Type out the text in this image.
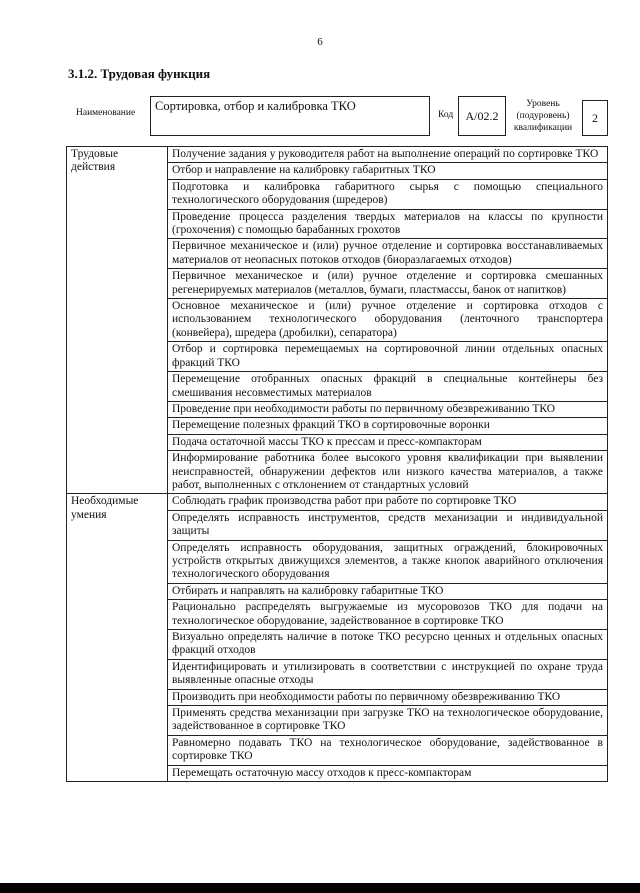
6
3.1.2. Трудовая функция
Наименование	Сортировка, отбор и калибровка ТКО
Код	А/02.2
Уровень (подуровень) квалификации
2
Трудовые действия	Получение задания у руководителя работ на выполнение операций по сортировке ТКО
	Отбор и направление на калибровку габаритных ТКО
	Подготовка и калибровка габаритного сырья с помощью специального технологического оборудования (шредеров)
	Проведение процесса разделения твердых материалов на классы по крупности (грохочения) с помощью барабанных грохотов
	Первичное механическое и (или) ручное отделение и сортировка восстанавливаемых материалов от неопасных потоков отходов (биоразлагаемых отходов)
	Первичное механическое и (или) ручное отделение и сортировка смешанных регенерируемых материалов (металлов, бумаги, пластмассы, банок от напитков)
	Основное механическое и (или) ручное отделение и сортировка отходов с использованием технологического оборудования (ленточного транспортера (конвейера), шредера (дробилки), сепаратора)
	Отбор и сортировка перемещаемых на сортировочной линии отдельных опасных фракций ТКО
	Перемещение отобранных опасных фракций в специальные контейнеры без смешивания несовместимых материалов
	Проведение при необходимости работы по первичному обезвреживанию ТКО
	Перемещение полезных фракций ТКО в сортировочные воронки
	Подача остаточной массы ТКО к прессам и пресс-компакторам
	Информирование работника более высокого уровня квалификации при выявлении неисправностей, обнаружении дефектов или низкого качества материалов, а также работ, выполненных с отклонением от стандартных условий
Необходимые умения	Соблюдать график производства работ при работе по сортировке ТКО
	Определять исправность инструментов, средств механизации и индивидуальной защиты
	Определять исправность оборудования, защитных ограждений, блокировочных устройств открытых движущихся элементов, а также кнопок аварийного отключения технологического оборудования
	Отбирать и направлять на калибровку габаритные ТКО
	Рационально распределять выгружаемые из мусоровозов ТКО для подачи на технологическое оборудование, задействованное в сортировке ТКО
	Визуально определять наличие в потоке ТКО ресурсно ценных и отдельных опасных фракций отходов
	Идентифицировать и утилизировать в соответствии с инструкцией по охране труда выявленные опасные отходы
	Производить при необходимости работы по первичному обезвреживанию ТКО
	Применять средства механизации при загрузке ТКО на технологическое оборудование, задействованное в сортировке ТКО
	Равномерно подавать ТКО на технологическое оборудование, задействованное в сортировке ТКО
	Перемещать остаточную массу отходов к пресс-компакторам
